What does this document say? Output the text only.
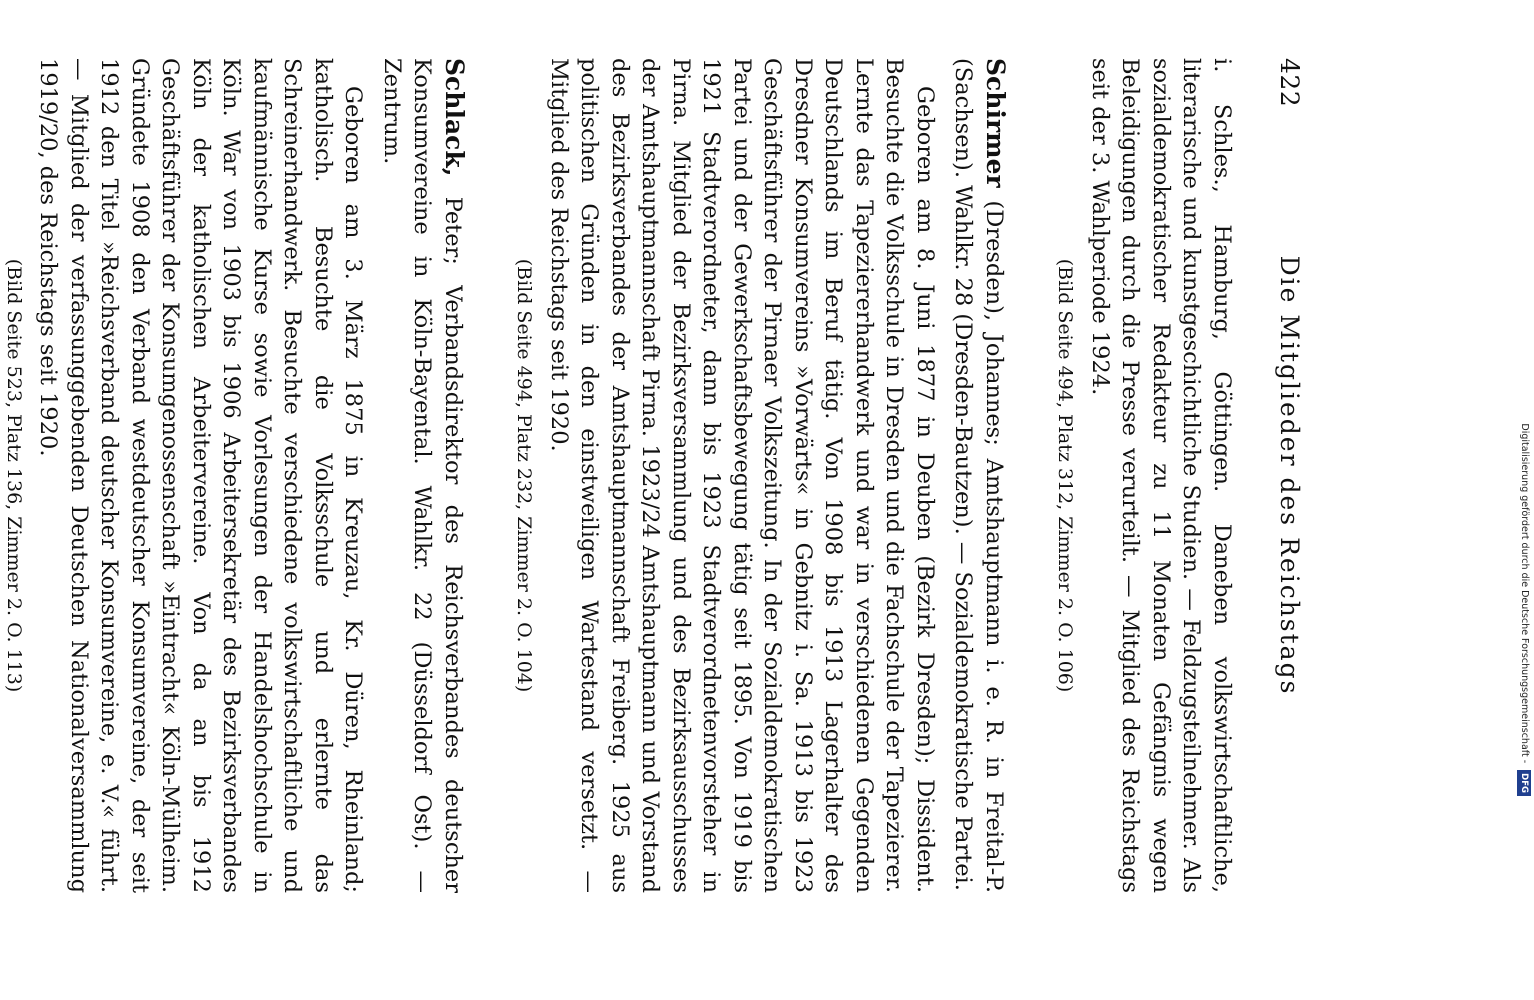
422
Die Mitglieder des Reichstags

i. Schles., Hamburg, Göttingen. Daneben volkswirtschaftliche, literarische und kunstgeschichtliche Studien. — Feldzugsteilnehmer. Als sozialdemokratischer Redakteur zu 11 Monaten Gefängnis wegen Beleidigungen durch die Presse verurteilt. — Mitglied des Reichstags seit der 3. Wahlperiode 1924.

(Bild Seite 494, Platz 312, Zimmer 2. O. 106)

Schirmer (Dresden), Johannes; Amtshauptmann i. e. R. in Freital-P. (Sachsen). Wahlkr. 28 (Dresden-Bautzen). — Sozialdemokratische Partei.

Geboren am 8. Juni 1877 in Deuben (Bezirk Dresden); Dissident. Besuchte die Volksschule in Dresden und die Fachschule der Tapezierer. Lernte das Tapeziererhandwerk und war in verschiedenen Gegenden Deutschlands im Beruf tätig. Von 1908 bis 1913 Lagerhalter des Dresdner Konsumvereins »Vorwärts« in Gebnitz i. Sa. 1913 bis 1923 Geschäftsführer der Pirnaer Volkszeitung. In der Sozialdemokratischen Partei und der Gewerkschaftsbewegung tätig seit 1895. Von 1919 bis 1921 Stadtverordneter, dann bis 1923 Stadtverordnetenvorsteher in Pirna. Mitglied der Bezirksversammlung und des Bezirksausschusses der Amtshauptmannschaft Pirna. 1923/24 Amtshauptmann und Vorstand des Bezirksverbandes der Amtshauptmannschaft Freiberg. 1925 aus politischen Gründen in den einstweiligen Wartestand versetzt. — Mitglied des Reichstags seit 1920.

(Bild Seite 494, Platz 232, Zimmer 2. O. 104)

Schlack, Peter; Verbandsdirektor des Reichsverbandes deutscher Konsumvereine in Köln-Bayental. Wahlkr. 22 (Düsseldorf Ost). — Zentrum.

Geboren am 3. März 1875 in Kreuzau, Kr. Düren, Rheinland; katholisch. Besuchte die Volksschule und erlernte das Schreinerhandwerk. Besuchte verschiedene volkswirtschaftliche und kaufmännische Kurse sowie Vorlesungen der Handelshochschule in Köln. War von 1903 bis 1906 Arbeitersekretär des Bezirksverbandes Köln der katholischen Arbeitervereine. Von da an bis 1912 Geschäftsführer der Konsumgenossenschaft »Eintracht« Köln-Mülheim. Gründete 1908 den Verband westdeutscher Konsumvereine, der seit 1912 den Titel »Reichsverband deutscher Konsumvereine, e. V.« führt. — Mitglied der verfassunggebenden Deutschen Nationalversammlung 1919/20, des Reichstags seit 1920.

(Bild Seite 523, Platz 136, Zimmer 2. O. 113)	Digitalisierung gefördert durch die Deutsche Forschungsgemeinschaft - DFG
